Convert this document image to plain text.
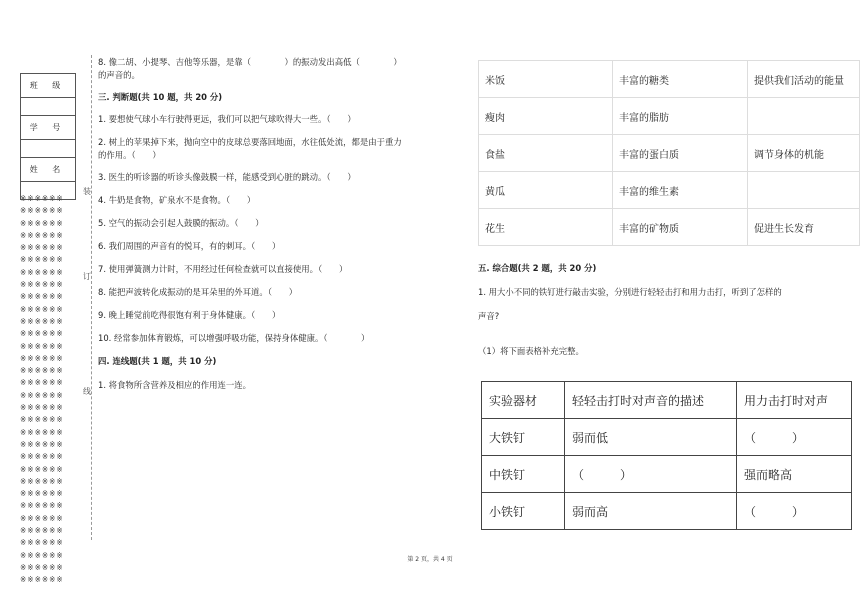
班 级

学 号

姓 名

※※※※※※
※※※※※※
※※※※※※
※※※※※※
※※※※※※
※※※※※※
※※※※※※
※※※※※※
※※※※※※
※※※※※※
※※※※※※
※※※※※※
※※※※※※
※※※※※※
※※※※※※
※※※※※※
※※※※※※
※※※※※※
※※※※※※
※※※※※※
※※※※※※
※※※※※※
※※※※※※
※※※※※※
※※※※※※
※※※※※※
※※※※※※
※※※※※※
※※※※※※
※※※※※※
※※※※※※
※※※※※※
装
订
线
8. 像二胡、小提琴、吉他等乐器，是靠（　　　　）的振动发出高低（　　　　）
的声音的。
三. 判断题(共 10 题，共 20 分)
1. 要想使气球小车行驶得更远，我们可以把气球吹得大一些。（　　）
2. 树上的苹果掉下来，抛向空中的皮球总要落回地面，水往低处流，都是由于重力
的作用。（　　）
3. 医生的听诊器的听诊头像鼓膜一样，能感受到心脏的跳动。（　　）
4. 牛奶是食物，矿泉水不是食物。（　　）
5. 空气的振动会引起人鼓膜的振动。（　　）
6. 我们周围的声音有的悦耳，有的刺耳。（　　）
7. 使用弹簧测力计时，不用经过任何检查就可以直接使用。（　　）
8. 能把声波转化成振动的是耳朵里的外耳道。（　　）
9. 晚上睡觉前吃得很饱有利于身体健康。（　　）
10. 经常参加体育锻炼，可以增强呼吸功能，保持身体健康。（　　　　）
四. 连线题(共 1 题，共 10 分)
1. 将食物所含营养及相应的作用连一连。
米饭	丰富的糖类	提供我们活动的能量
瘦肉	丰富的脂肪	
食盐	丰富的蛋白质	调节身体的机能
黄瓜	丰富的维生素	
花生	丰富的矿物质	促进生长发育
五. 综合题(共 2 题，共 20 分)
1. 用大小不同的铁钉进行敲击实验，分别进行轻轻击打和用力击打，听到了怎样的
声音?
（1）将下面表格补充完整。
实验器材	轻轻击打时对声音的描述	用力击打时对声
大铁钉	弱而低	（　　　）
中铁钉	（　　　）	强而略高
小铁钉	弱而高	（　　　）
第 2 页，共 4 页
